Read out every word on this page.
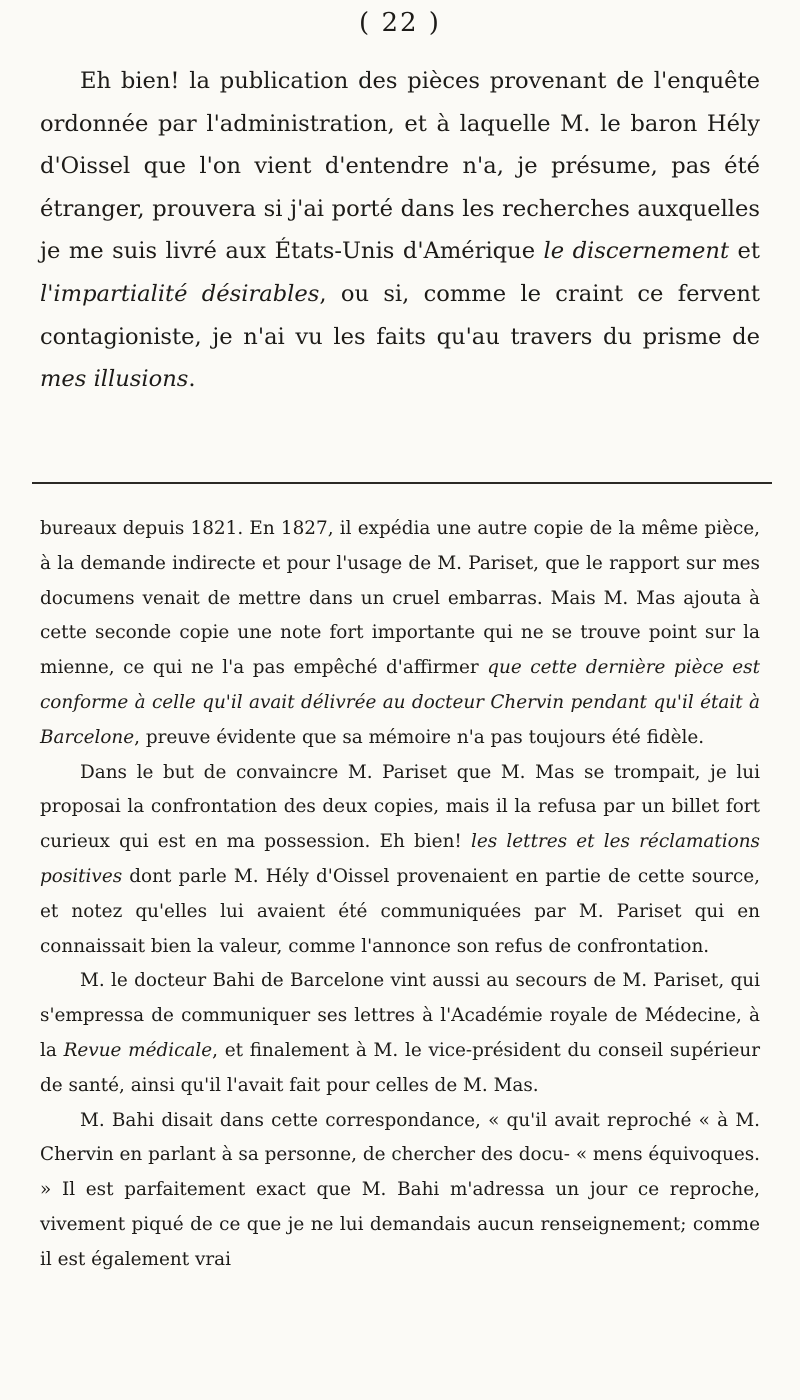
( 22 )

Eh bien! la publication des pièces provenant de l'enquête ordonnée par l'administration, et à laquelle M. le baron Hély d'Oissel que l'on vient d'entendre n'a, je présume, pas été étranger, prouvera si j'ai porté dans les recherches auxquelles je me suis livré aux États-Unis d'Amérique le discernement et l'impartialité désirables, ou si, comme le craint ce fervent contagioniste, je n'ai vu les faits qu'au travers du prisme de mes illusions.

bureaux depuis 1821. En 1827, il expédia une autre copie de la même pièce, à la demande indirecte et pour l'usage de M. Pariset, que le rapport sur mes documens venait de mettre dans un cruel embarras. Mais M. Mas ajouta à cette seconde copie une note fort importante qui ne se trouve point sur la mienne, ce qui ne l'a pas empêché d'affirmer que cette dernière pièce est conforme à celle qu'il avait délivrée au docteur Chervin pendant qu'il était à Barcelone, preuve évidente que sa mémoire n'a pas toujours été fidèle.

Dans le but de convaincre M. Pariset que M. Mas se trompait, je lui proposai la confrontation des deux copies, mais il la refusa par un billet fort curieux qui est en ma possession. Eh bien! les lettres et les réclamations positives dont parle M. Hély d'Oissel provenaient en partie de cette source, et notez qu'elles lui avaient été communiquées par M. Pariset qui en connaissait bien la valeur, comme l'annonce son refus de confrontation.

M. le docteur Bahi de Barcelone vint aussi au secours de M. Pariset, qui s'empressa de communiquer ses lettres à l'Académie royale de Médecine, à la Revue médicale, et finalement à M. le vice-président du conseil supérieur de santé, ainsi qu'il l'avait fait pour celles de M. Mas.

M. Bahi disait dans cette correspondance, « qu'il avait reproché « à M. Chervin en parlant à sa personne, de chercher des docu- « mens équivoques. » Il est parfaitement exact que M. Bahi m'adressa un jour ce reproche, vivement piqué de ce que je ne lui demandais aucun renseignement; comme il est également vrai
